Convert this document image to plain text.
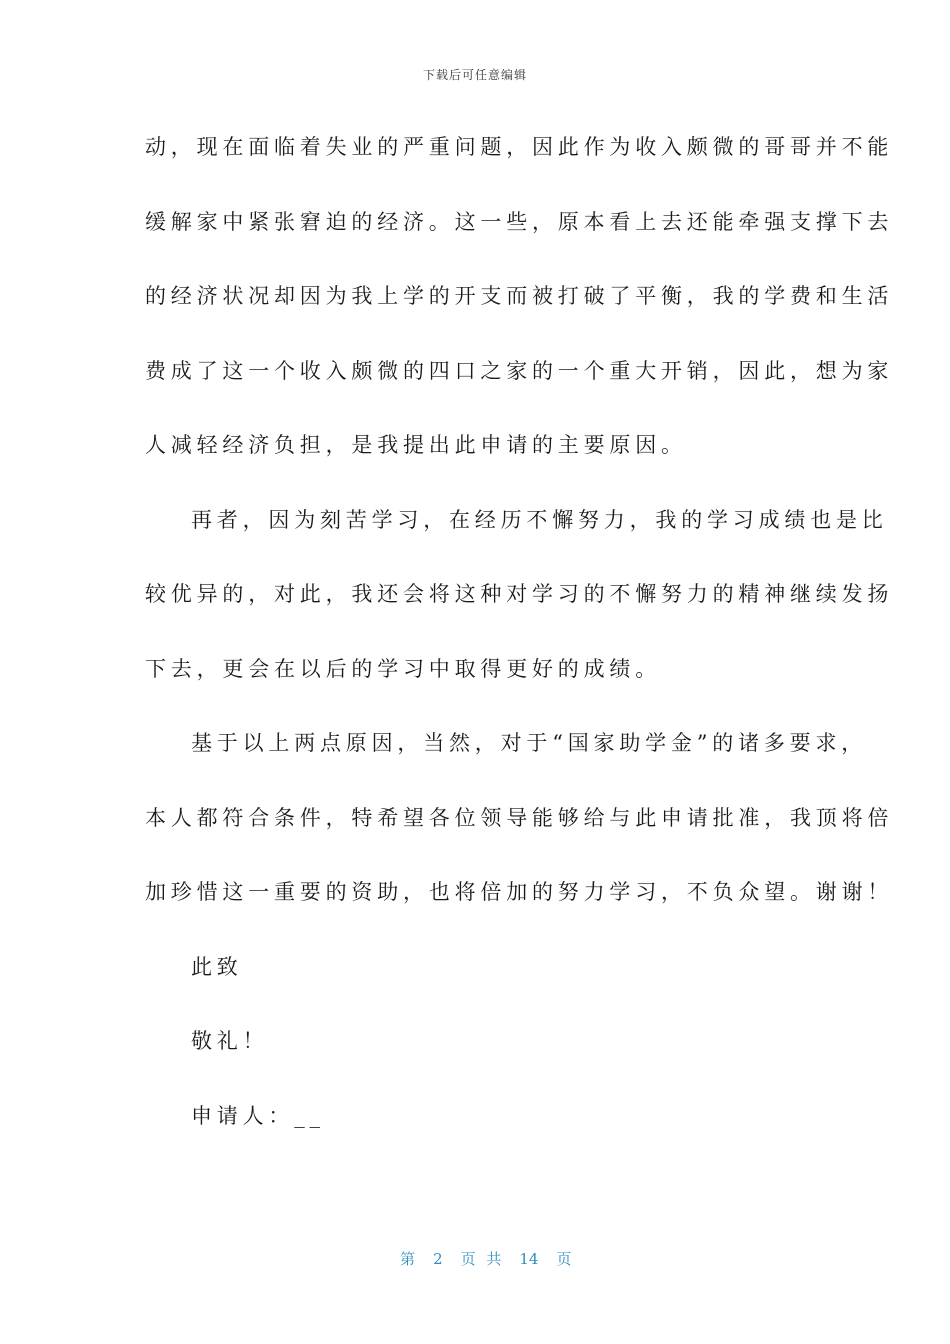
下载后可任意编辑
动，现在面临着失业的严重问题，因此作为收入颇微的哥哥并不能
缓解家中紧张窘迫的经济。这一些，原本看上去还能牵强支撑下去
的经济状况却因为我上学的开支而被打破了平衡，我的学费和生活
费成了这一个收入颇微的四口之家的一个重大开销，因此，想为家
人减轻经济负担，是我提出此申请的主要原因。
再者，因为刻苦学习，在经历不懈努力，我的学习成绩也是比
较优异的，对此，我还会将这种对学习的不懈努力的精神继续发扬
下去，更会在以后的学习中取得更好的成绩。
基于以上两点原因，当然，对于“国家助学金”的诸多要求，
本人都符合条件，特希望各位领导能够给与此申请批准，我顶将倍
加珍惜这一重要的资助，也将倍加的努力学习，不负众望。谢谢！
此致
敬礼！
申请人：__

第 2 页 共 14 页
